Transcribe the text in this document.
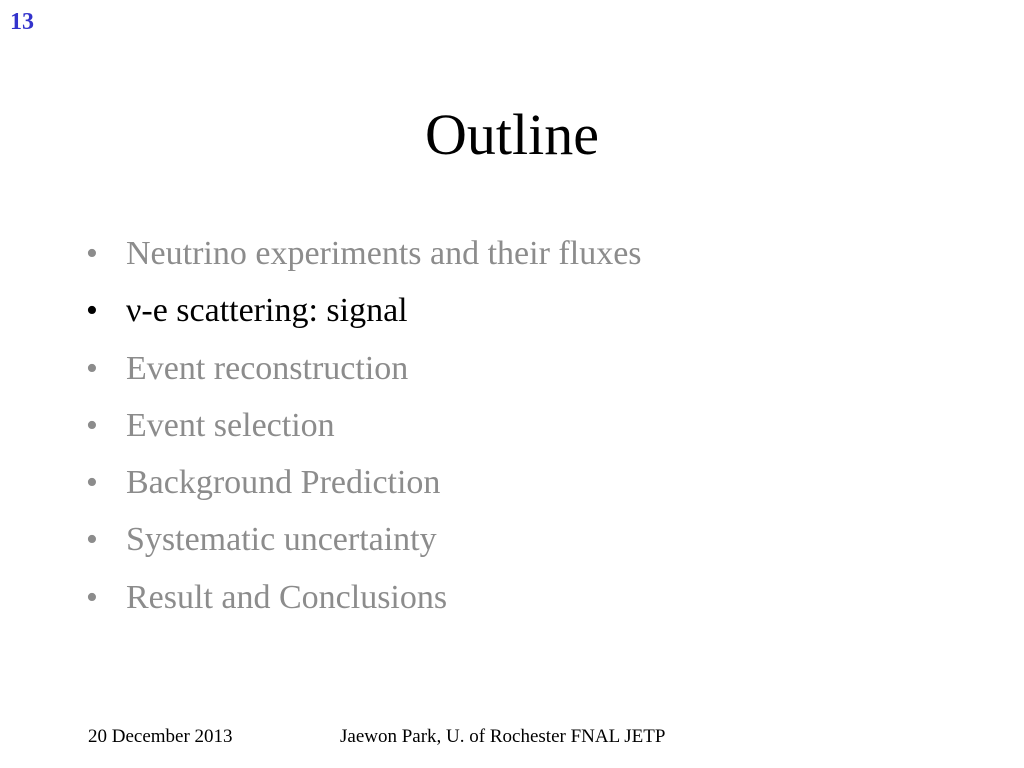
13
Outline
• Neutrino experiments and their fluxes
• ν-e scattering: signal
• Event reconstruction
• Event selection
• Background Prediction
• Systematic uncertainty
• Result and Conclusions
20 December 2013	Jaewon Park, U. of Rochester FNAL JETP
